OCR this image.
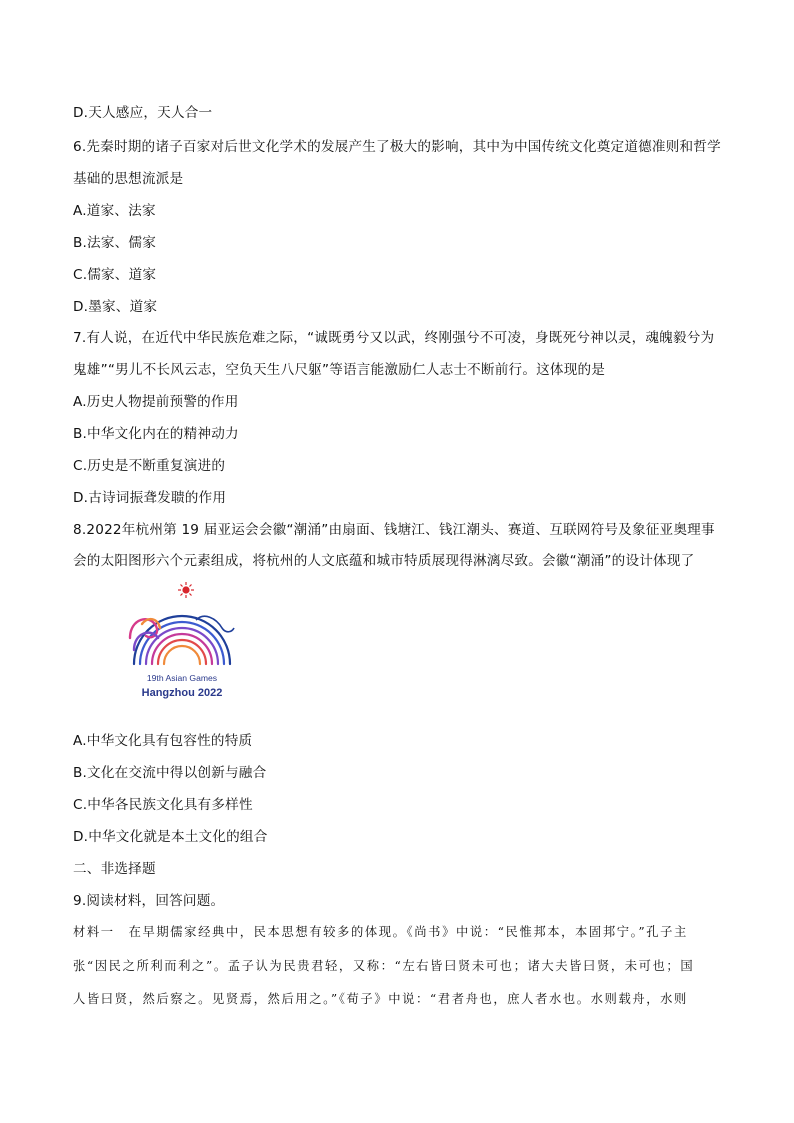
D.天人感应，天人合一
6.先秦时期的诸子百家对后世文化学术的发展产生了极大的影响，其中为中国传统文化奠定道德准则和哲学
基础的思想流派是
A.道家、法家
B.法家、儒家
C.儒家、道家
D.墨家、道家
7.有人说，在近代中华民族危难之际，“诚既勇兮又以武，终刚强兮不可凌，身既死兮神以灵，魂魄毅兮为
鬼雄”“男儿不长风云志，空负天生八尺躯”等语言能激励仁人志士不断前行。这体现的是
A.历史人物提前预警的作用
B.中华文化内在的精神动力
C.历史是不断重复演进的
D.古诗词振聋发聩的作用
8.2022年杭州第 19 届亚运会会徽“潮涌”由扇面、钱塘江、钱江潮头、赛道、互联网符号及象征亚奥理事
会的太阳图形六个元素组成，将杭州的人文底蕴和城市特质展现得淋漓尽致。会徽“潮涌”的设计体现了
19th Asian Games
Hangzhou 2022
A.中华文化具有包容性的特质
B.文化在交流中得以创新与融合
C.中华各民族文化具有多样性
D.中华文化就是本土文化的组合
二、非选择题
9.阅读材料，回答问题。
材料一　在早期儒家经典中，民本思想有较多的体现。《尚书》中说：“民惟邦本，本固邦宁。”孔子主
张“因民之所利而利之”。孟子认为民贵君轻，又称：“左右皆曰贤未可也；诸大夫皆曰贤，未可也；国
人皆曰贤，然后察之。见贤焉，然后用之。”《荀子》中说：“君者舟也，庶人者水也。水则载舟，水则
